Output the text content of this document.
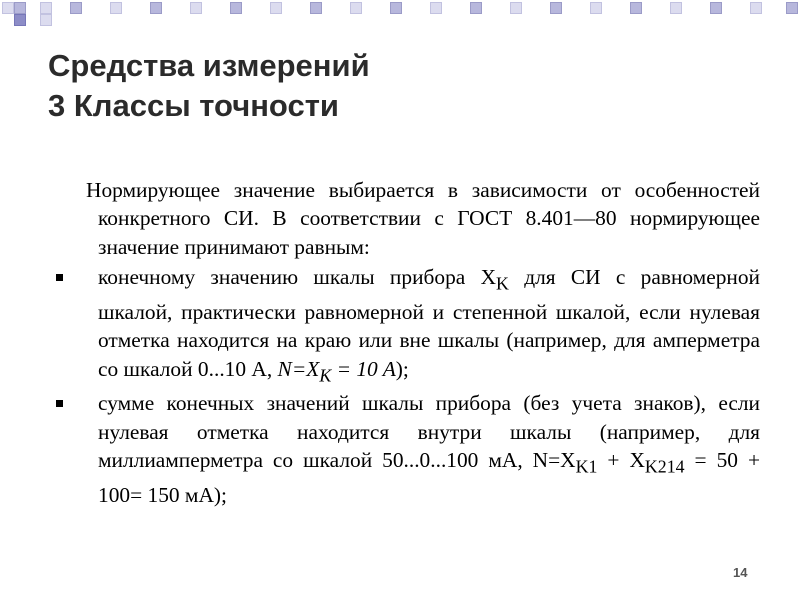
Средства измерений
3 Классы точности

Нормирующее значение выбирается в зависимости от особенностей конкретного СИ. В соответствии с ГОСТ 8.401—80 нормирующее значение принимают равным:

конечному значению шкалы прибора $X_K$ для СИ с равномерной шкалой, практически равномерной и степенной шкалой, если нулевая отметка находится на краю или вне шкалы (например, для амперметра со шкалой 0...10 А, $N=X_K = 10$ A);
сумме конечных значений шкалы прибора (без учета знаков), если нулевая отметка находится внутри шкалы (например, для миллиамперметра со шкалой 50...0...100 мА, $N=X_{K1} + X_{K214} = 50 + 100= 150$ мА);
14
